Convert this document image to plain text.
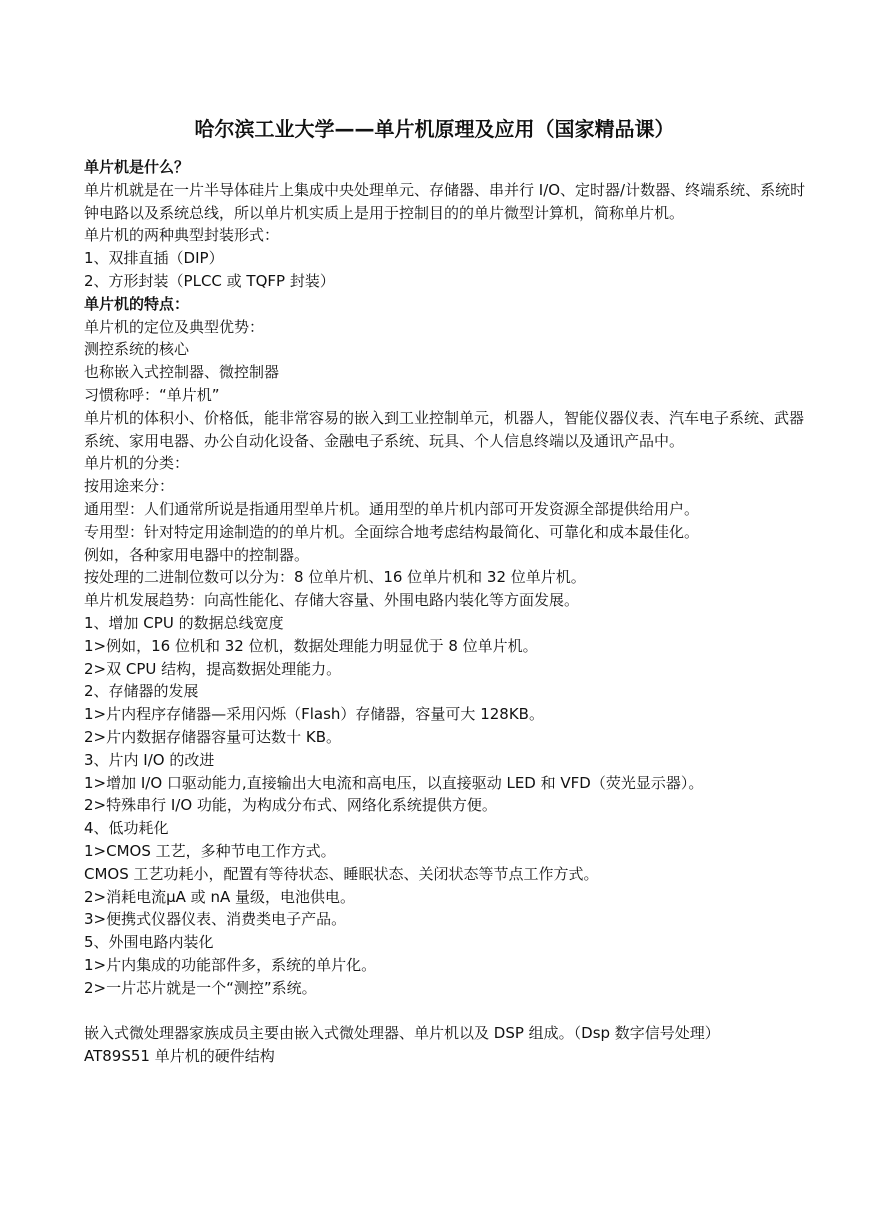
哈尔滨工业大学——单片机原理及应用（国家精品课）

单片机是什么？

单片机就是在一片半导体硅片上集成中央处理单元、存储器、串并行 I/O、定时器/计数器、终端系统、系统时钟电路以及系统总线，所以单片机实质上是用于控制目的的单片微型计算机，简称单片机。

单片机的两种典型封装形式：

1、双排直插（DIP）

2、方形封装（PLCC 或 TQFP 封装）

单片机的特点：

单片机的定位及典型优势：

测控系统的核心

也称嵌入式控制器、微控制器

习惯称呼：“单片机”

单片机的体积小、价格低，能非常容易的嵌入到工业控制单元，机器人，智能仪器仪表、汽车电子系统、武器系统、家用电器、办公自动化设备、金融电子系统、玩具、个人信息终端以及通讯产品中。

单片机的分类：

按用途来分：

通用型：人们通常所说是指通用型单片机。通用型的单片机内部可开发资源全部提供给用户。

专用型：针对特定用途制造的的单片机。全面综合地考虑结构最简化、可靠化和成本最佳化。

例如，各种家用电器中的控制器。

按处理的二进制位数可以分为：8 位单片机、16 位单片机和 32 位单片机。

单片机发展趋势：向高性能化、存储大容量、外围电路内装化等方面发展。

1、增加 CPU 的数据总线宽度

1>例如，16 位机和 32 位机，数据处理能力明显优于 8 位单片机。

2>双 CPU 结构，提高数据处理能力。

2、存储器的发展

1>片内程序存储器—采用闪烁（Flash）存储器，容量可大 128KB。

2>片内数据存储器容量可达数十 KB。

3、片内 I/O 的改进

1>增加 I/O 口驱动能力,直接输出大电流和高电压，以直接驱动 LED 和 VFD（荧光显示器）。

2>特殊串行 I/O 功能，为构成分布式、网络化系统提供方便。

4、低功耗化

1>CMOS 工艺，多种节电工作方式。

CMOS 工艺功耗小，配置有等待状态、睡眠状态、关闭状态等节点工作方式。

2>消耗电流μA 或 nA 量级，电池供电。

3>便携式仪器仪表、消费类电子产品。

5、外围电路内装化

1>片内集成的功能部件多，系统的单片化。

2>一片芯片就是一个“测控”系统。

嵌入式微处理器家族成员主要由嵌入式微处理器、单片机以及 DSP 组成。（Dsp 数字信号处理）

AT89S51 单片机的硬件结构
